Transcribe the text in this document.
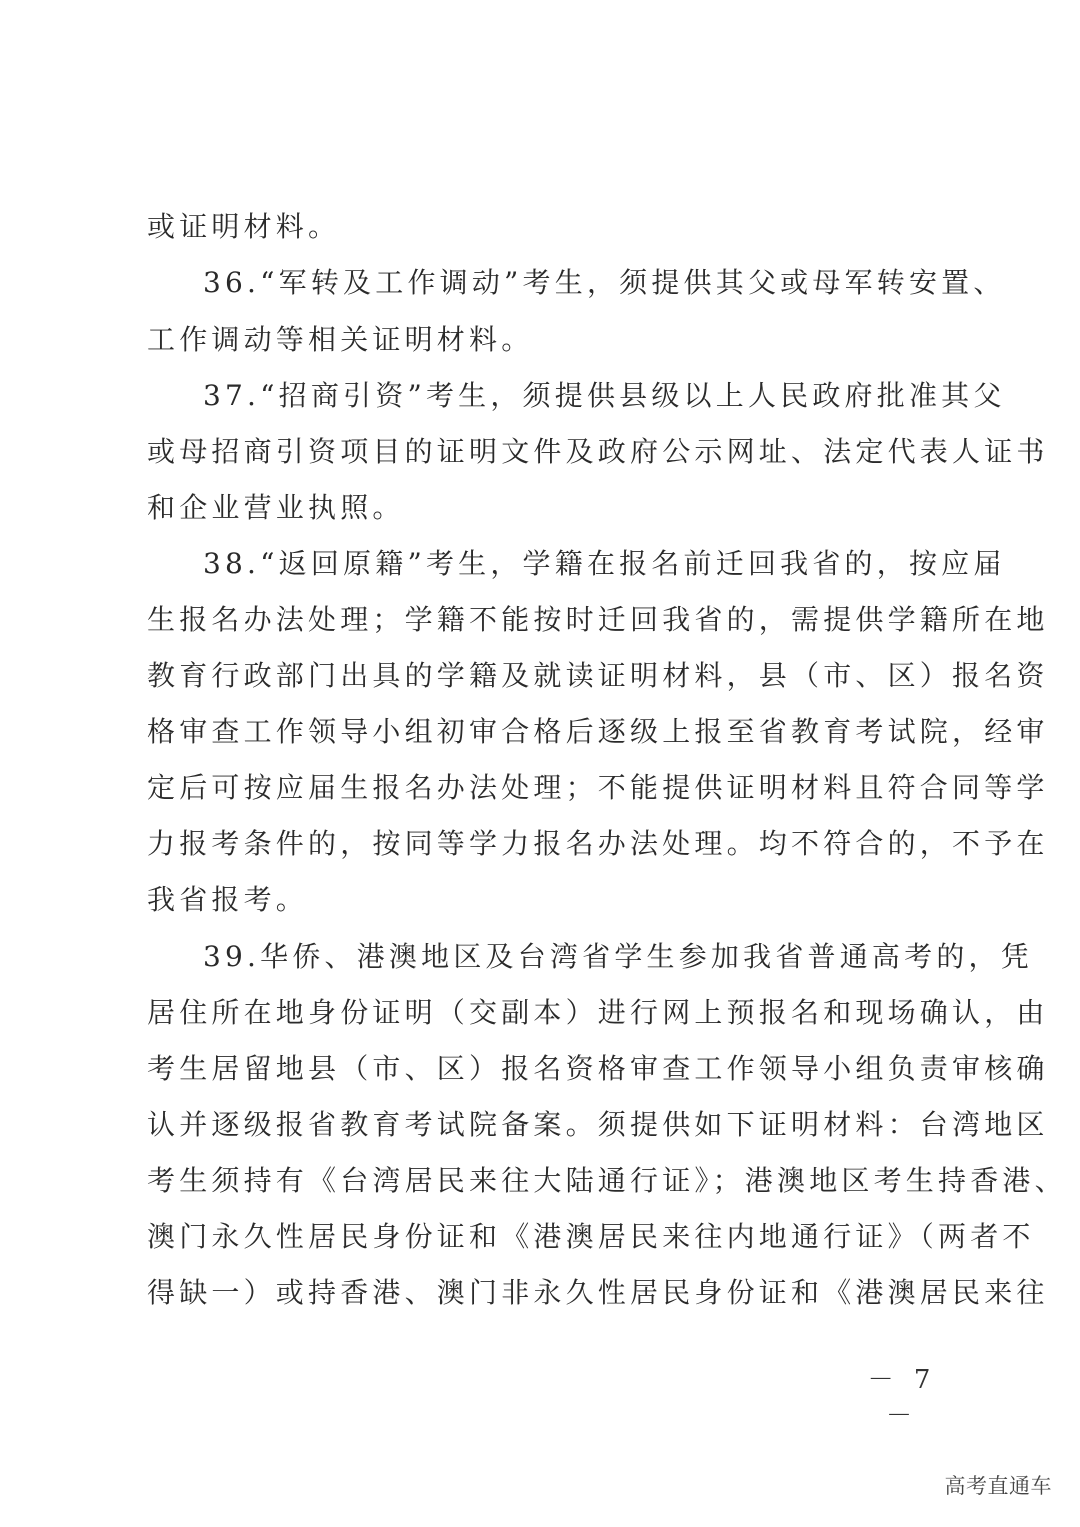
或证明材料。
36.“军转及工作调动”考生，须提供其父或母军转安置、
工作调动等相关证明材料。
37.“招商引资”考生，须提供县级以上人民政府批准其父
或母招商引资项目的证明文件及政府公示网址、法定代表人证书
和企业营业执照。
38.“返回原籍”考生，学籍在报名前迁回我省的，按应届
生报名办法处理；学籍不能按时迁回我省的，需提供学籍所在地
教育行政部门出具的学籍及就读证明材料，县（市、区）报名资
格审查工作领导小组初审合格后逐级上报至省教育考试院，经审
定后可按应届生报名办法处理；不能提供证明材料且符合同等学
力报考条件的，按同等学力报名办法处理。均不符合的，不予在
我省报考。
39.华侨、港澳地区及台湾省学生参加我省普通高考的，凭
居住所在地身份证明（交副本）进行网上预报名和现场确认，由
考生居留地县（市、区）报名资格审查工作领导小组负责审核确
认并逐级报省教育考试院备案。须提供如下证明材料：台湾地区
考生须持有《台湾居民来往大陆通行证》；港澳地区考生持香港、
澳门永久性居民身份证和《港澳居民来往内地通行证》（两者不
得缺一）或持香港、澳门非永久性居民身份证和《港澳居民来往
－ 7 －
高考直通车
